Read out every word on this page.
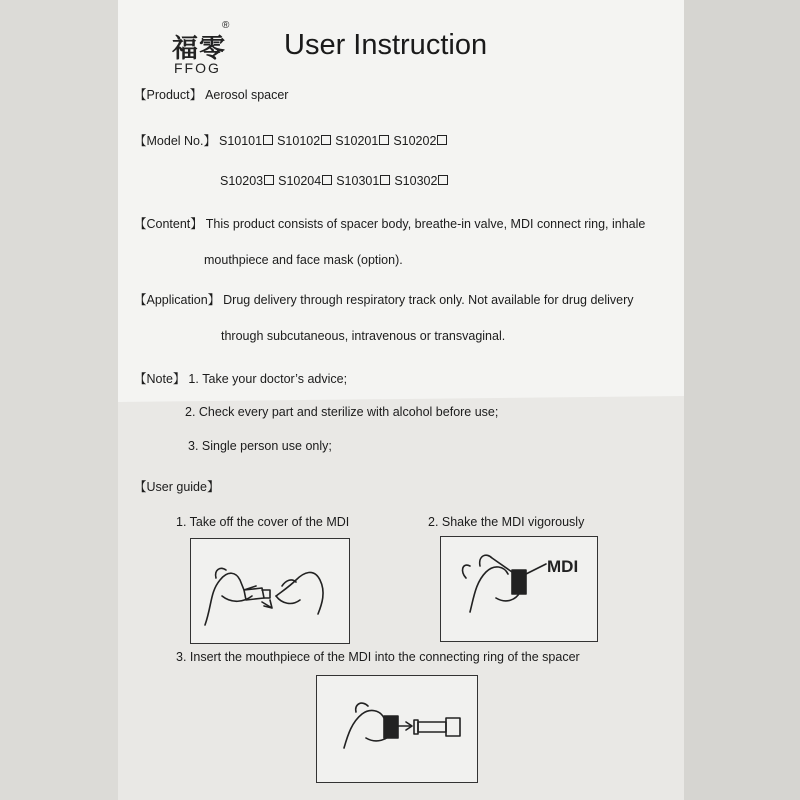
福零
®
FFOG
User Instruction
【Product】 Aerosol spacer
【Model No.】 S10101 S10102 S10201 S10202
S10203 S10204 S10301 S10302
【Content】 This product consists of spacer body, breathe-in valve, MDI connect ring, inhale
mouthpiece and face mask (option).
【Application】 Drug delivery through respiratory track only. Not available for drug delivery
through subcutaneous, intravenous or transvaginal.
【Note】 1. Take your doctor’s advice;
2. Check every part and sterilize with alcohol before use;
3. Single person use only;
【User guide】
1. Take off the cover of the MDI	2. Shake the MDI vigorously
3. Insert the mouthpiece of the MDI into the connecting ring of the spacer
MDI
